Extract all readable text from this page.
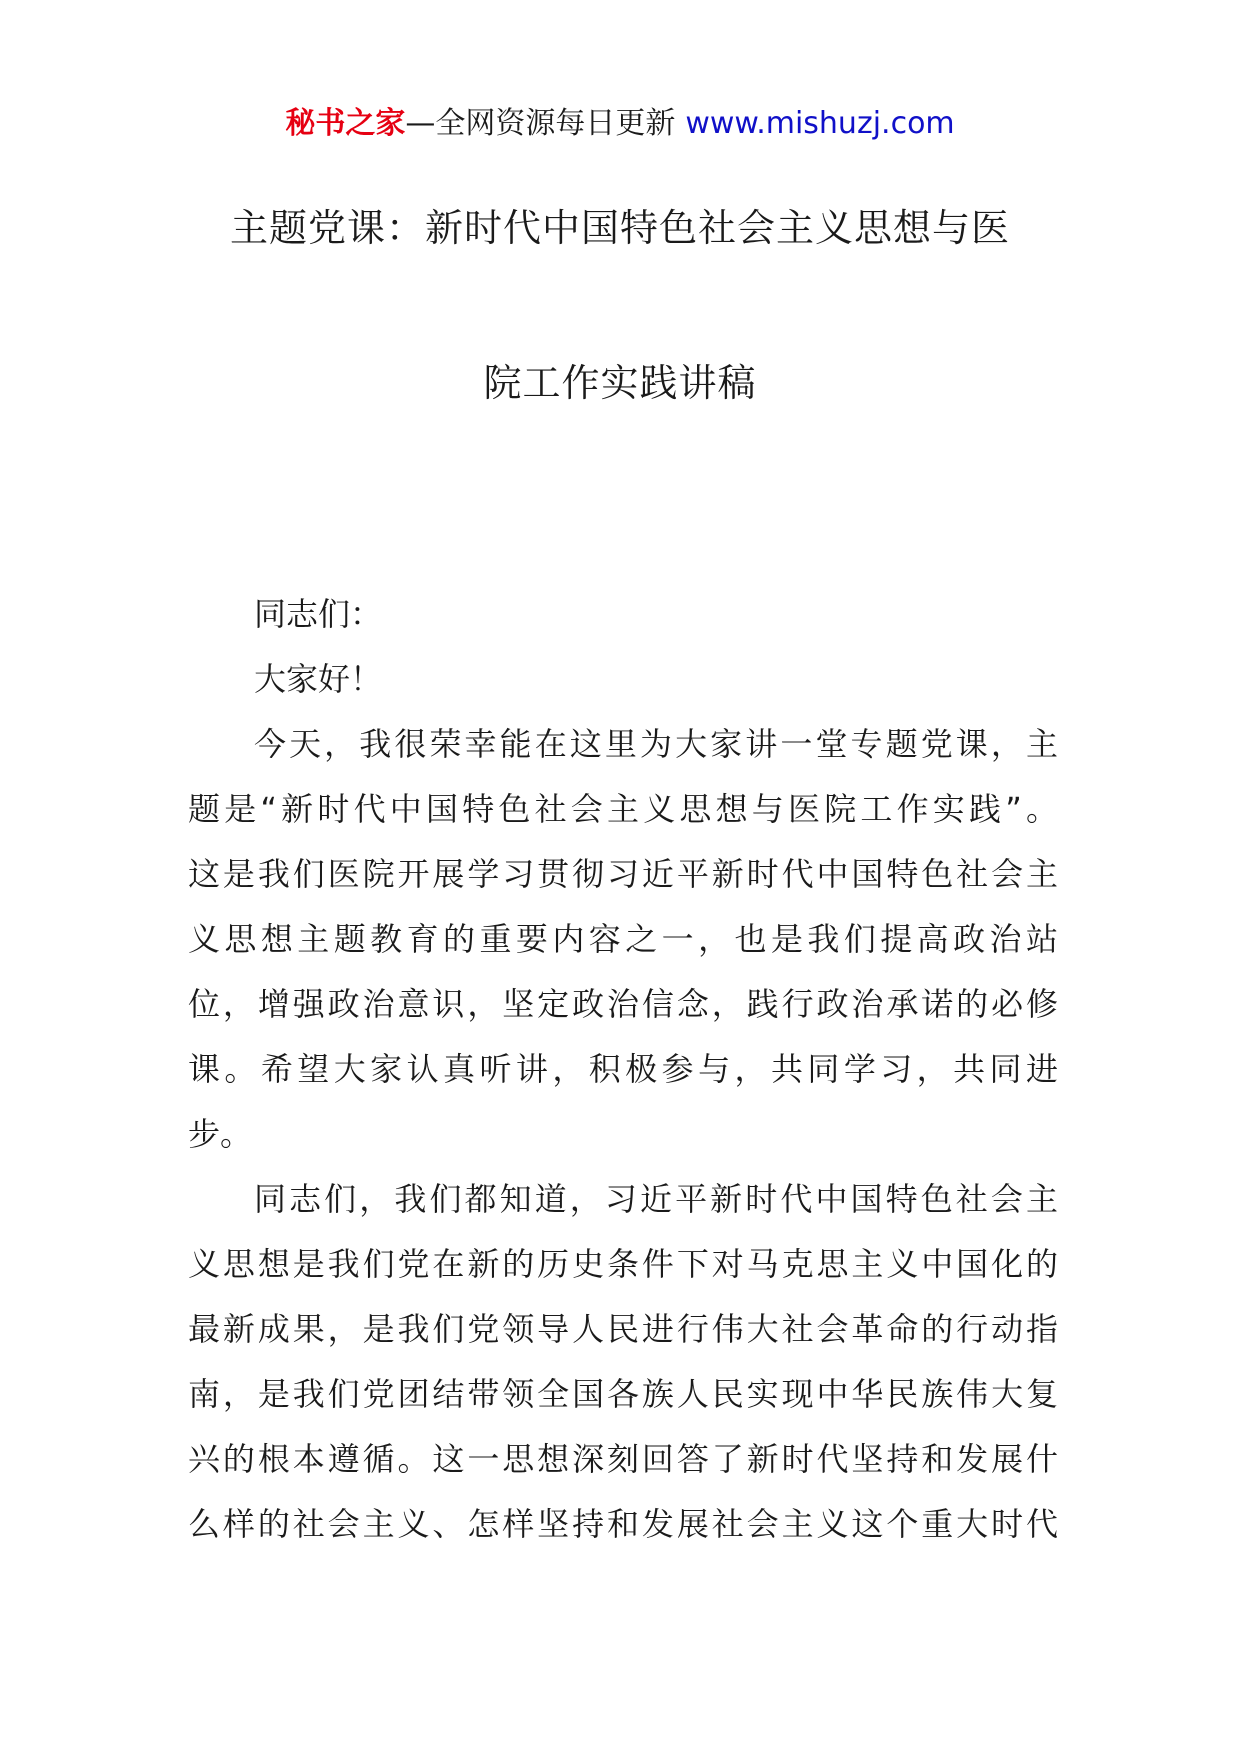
秘书之家—全网资源每日更新 www.mishuzj.com
主题党课：新时代中国特色社会主义思想与医
院工作实践讲稿
同志们：
大家好！
今天，我很荣幸能在这里为大家讲一堂专题党课，主
题是“新时代中国特色社会主义思想与医院工作实践”。
这是我们医院开展学习贯彻习近平新时代中国特色社会主
义思想主题教育的重要内容之一，也是我们提高政治站
位，增强政治意识，坚定政治信念，践行政治承诺的必修
课。希望大家认真听讲，积极参与，共同学习，共同进
步。
同志们，我们都知道，习近平新时代中国特色社会主
义思想是我们党在新的历史条件下对马克思主义中国化的
最新成果，是我们党领导人民进行伟大社会革命的行动指
南，是我们党团结带领全国各族人民实现中华民族伟大复
兴的根本遵循。这一思想深刻回答了新时代坚持和发展什
么样的社会主义、怎样坚持和发展社会主义这个重大时代
